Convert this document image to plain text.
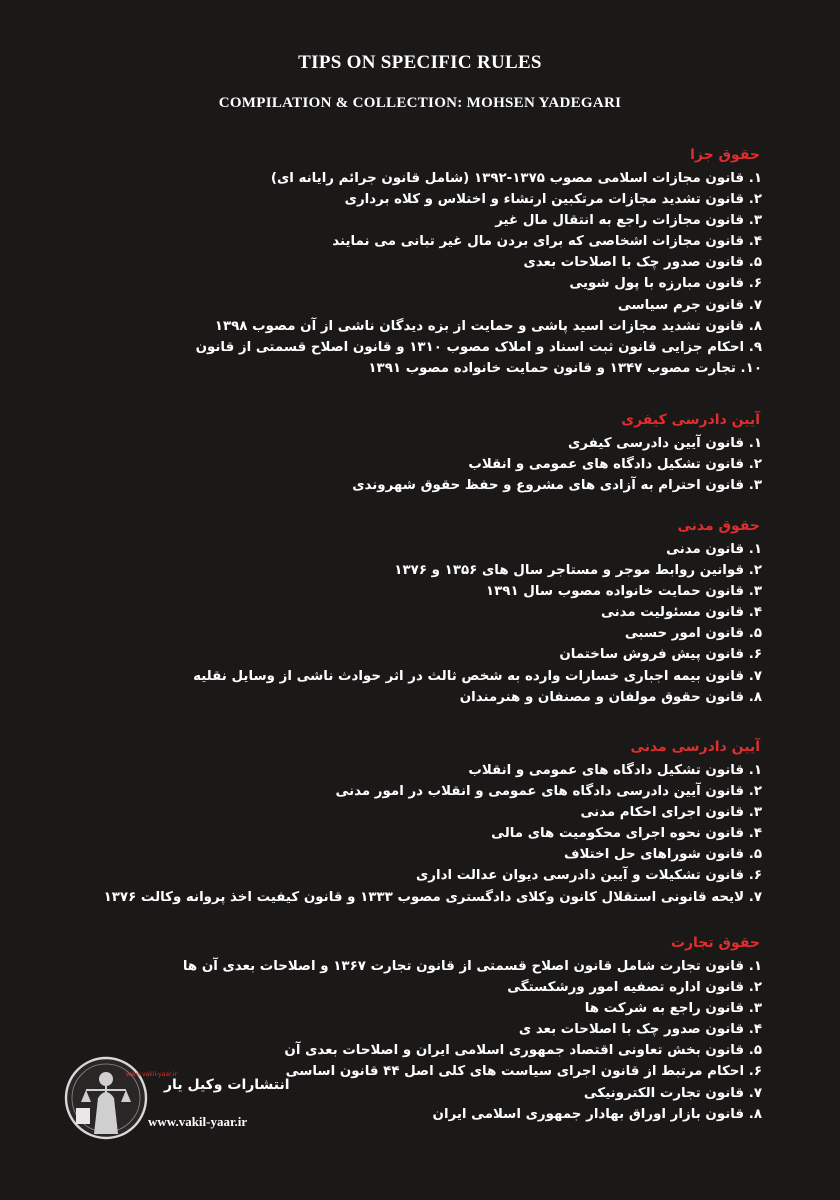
TIPS ON SPECIFIC RULES
COMPILATION & COLLECTION: MOHSEN YADEGARI
حقوق جزا
۱. قانون مجازات اسلامی مصوب ۱۳۷۵-۱۳۹۲ (شامل قانون جرائم رایانه ای)
۲. قانون تشدید مجازات مرتکبین ارتشاء و اختلاس و کلاه برداری
۳. قانون مجازات راجع به انتقال مال غیر
۴. قانون مجازات اشخاصی که برای بردن مال غیر تبانی می نمایند
۵. قانون صدور چک با اصلاحات بعدی
۶. قانون مبارزه با پول شویی
۷. قانون جرم سیاسی
۸. قانون تشدید مجازات اسید پاشی و حمایت از بزه دیدگان ناشی از آن مصوب ۱۳۹۸
۹. احکام جزایی قانون ثبت اسناد و املاک مصوب ۱۳۱۰ و قانون اصلاح قسمتی از قانون
۱۰. تجارت مصوب ۱۳۴۷ و قانون حمایت خانواده مصوب ۱۳۹۱
آیین دادرسی کیفری
۱. قانون آیین دادرسی کیفری
۲. قانون تشکیل دادگاه های عمومی و انقلاب
۳. قانون احترام به آزادی های مشروع و حفظ حقوق شهروندی
حقوق مدنی
۱. قانون مدنی
۲. قوانین روابط موجر و مستاجر سال های ۱۳۵۶ و ۱۳۷۶
۳. قانون حمایت خانواده مصوب سال ۱۳۹۱
۴. قانون مسئولیت مدنی
۵. قانون امور حسبی
۶. قانون پیش فروش ساختمان
۷. قانون بیمه اجباری خسارات وارده به شخص ثالث در اثر حوادث ناشی از وسایل نقلیه
۸. قانون حقوق مولفان و مصنفان و هنرمندان
آیین دادرسی مدنی
۱. قانون تشکیل دادگاه های عمومی و انقلاب
۲. قانون آیین دادرسی دادگاه های عمومی و انقلاب در امور مدنی
۳. قانون اجرای احکام مدنی
۴. قانون نحوه اجرای محکومیت های مالی
۵. قانون شوراهای حل اختلاف
۶. قانون تشکیلات و آیین دادرسی دیوان عدالت اداری
۷. لایحه قانونی استقلال کانون وکلای دادگستری مصوب ۱۳۳۳ و قانون کیفیت اخذ پروانه وکالت ۱۳۷۶
حقوق تجارت
۱. قانون تجارت شامل قانون اصلاح قسمتی از قانون تجارت ۱۳۶۷ و اصلاحات بعدی آن ها
۲. قانون اداره تصفیه امور ورشکستگی
۳. قانون راجع به شرکت ها
۴. قانون صدور چک با اصلاحات بعد ی
۵. قانون بخش تعاونی اقتصاد جمهوری اسلامی ایران و اصلاحات بعدی آن
۶. احکام مرتبط از قانون اجرای سیاست های کلی اصل ۴۴ قانون اساسی
۷. قانون تجارت الکترونیکی
۸. قانون بازار اوراق بهادار جمهوری اسلامی ایران
www.vakil-yaar.ir
انتشارات وکیل یار
www.vakil-yaar.ir
